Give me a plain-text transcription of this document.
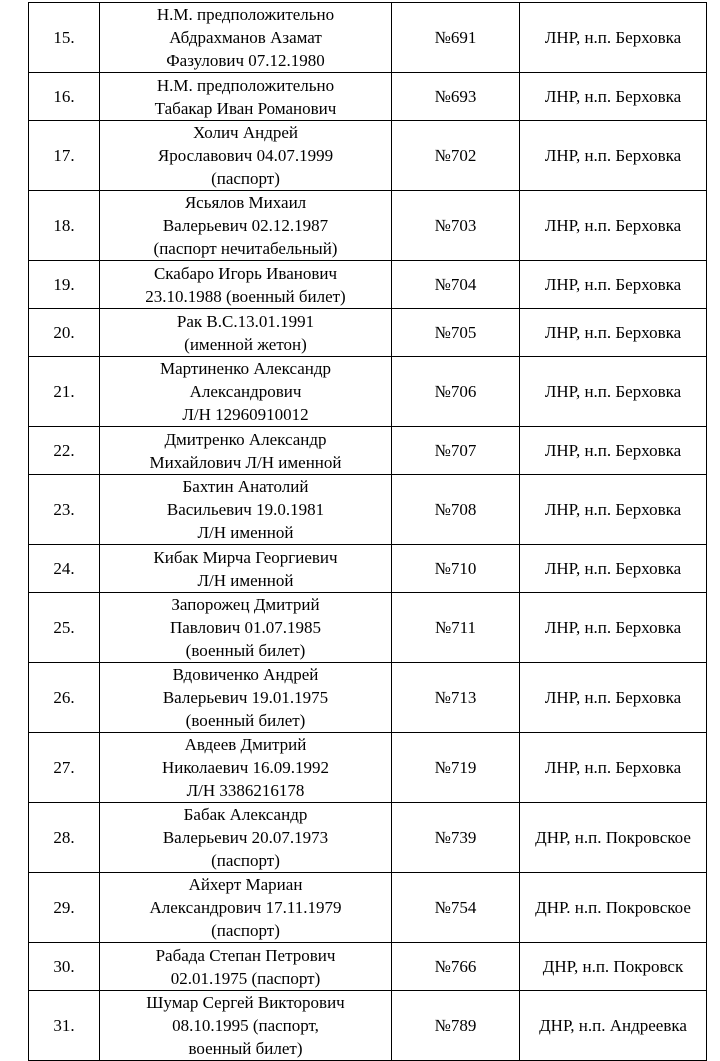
15.	Н.М. предположительно
Абдрахманов Азамат
Фазулович 07.12.1980	№691	ЛНР, н.п. Берховка
16.	Н.М. предположительно
Табакар Иван Романович	№693	ЛНР, н.п. Берховка
17.	Холич Андрей
Ярославович 04.07.1999
(паспорт)	№702	ЛНР, н.п. Берховка
18.	Ясьялов Михаил
Валерьевич 02.12.1987
(паспорт нечитабельный)	№703	ЛНР, н.п. Берховка
19.	Скабаро Игорь Иванович
23.10.1988 (военный билет)	№704	ЛНР, н.п. Берховка
20.	Рак В.С.13.01.1991
(именной жетон)	№705	ЛНР, н.п. Берховка
21.	Мартиненко Александр
Александрович
Л/Н 12960910012	№706	ЛНР, н.п. Берховка
22.	Дмитренко Александр
Михайлович Л/Н именной	№707	ЛНР, н.п. Берховка
23.	Бахтин Анатолий
Васильевич 19.0.1981
Л/Н именной	№708	ЛНР, н.п. Берховка
24.	Кибак Мирча Георгиевич
Л/Н именной	№710	ЛНР, н.п. Берховка
25.	Запорожец Дмитрий
Павлович 01.07.1985
(военный билет)	№711	ЛНР, н.п. Берховка
26.	Вдовиченко Андрей
Валерьевич 19.01.1975
(военный билет)	№713	ЛНР, н.п. Берховка
27.	Авдеев Дмитрий
Николаевич 16.09.1992
Л/Н 3386216178	№719	ЛНР, н.п. Берховка
28.	Бабак Александр
Валерьевич 20.07.1973
(паспорт)	№739	ДНР, н.п. Покровское
29.	Айхерт Мариан
Александрович 17.11.1979
(паспорт)	№754	ДНР. н.п. Покровское
30.	Рабада Степан Петрович
02.01.1975 (паспорт)	№766	ДНР, н.п. Покровск
31.	Шумар Сергей Викторович
08.10.1995 (паспорт,
военный билет)	№789	ДНР, н.п. Андреевка
